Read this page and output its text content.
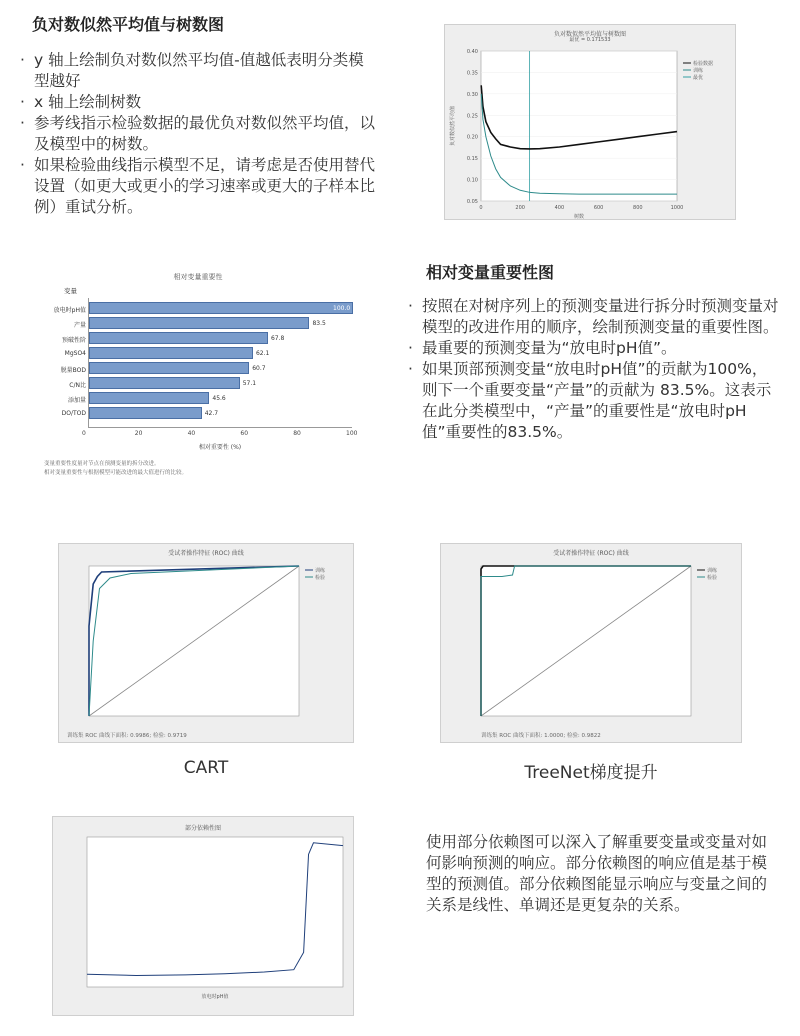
负对数似然平均值与树数图
· y 轴上绘制负对数似然平均值-值越低表明分类模型越好
· x 轴上绘制树数
· 参考线指示检验数据的最优负对数似然平均值，以及模型中的树数。
· 如果检验曲线指示模型不足，请考虑是否使用替代设置（如更大或更小的学习速率或更大的子样本比例）重试分析。
负对数似然平均值与树数图
最优 = 0.171533
0	200	400	600	800	1000
0.05
0.10
0.15
0.20
0.25
0.30
0.35
0.40
树数
负对数似然平均值
检验数据
训练
最优
相对变量重要性
变量
放电时pH值	100.0
产量	83.5
预破性阶	67.8
MgSO4	62.1
脱量BOD	60.7
C/N比	57.1
添加量	45.6
DO/TOD	42.7
0	20	40	60	80	100
相对重要性 (%)
变量重要性度量对节点在预测变量的拆分改进。
相对变量重要性与根据模型可能改进的最大值进行的比较。
相对变量重要性图
· 按照在对树序列上的预测变量进行拆分时预测变量对模型的改进作用的顺序，绘制预测变量的重要性图。
· 最重要的预测变量为“放电时pH值”。
· 如果顶部预测变量“放电时pH值”的贡献为100%，则下一个重要变量“产量”的贡献为 83.5%。这表示在此分类模型中，“产量”的重要性是“放电时pH值”重要性的83.5%。
受试者操作特征 (ROC) 曲线
训练
检验
训练集 ROC 曲线下面积: 0.9986; 检验: 0.9719
CART
受试者操作特征 (ROC) 曲线
训练
检验
训练集 ROC 曲线下面积: 1.0000; 检验: 0.9822
TreeNet梯度提升
部分依赖性图
放电时pH值
使用部分依赖图可以深入了解重要变量或变量对如何影响预测的响应。部分依赖图的响应值是基于模型的预测值。部分依赖图能显示响应与变量之间的关系是线性、单调还是更复杂的关系。
